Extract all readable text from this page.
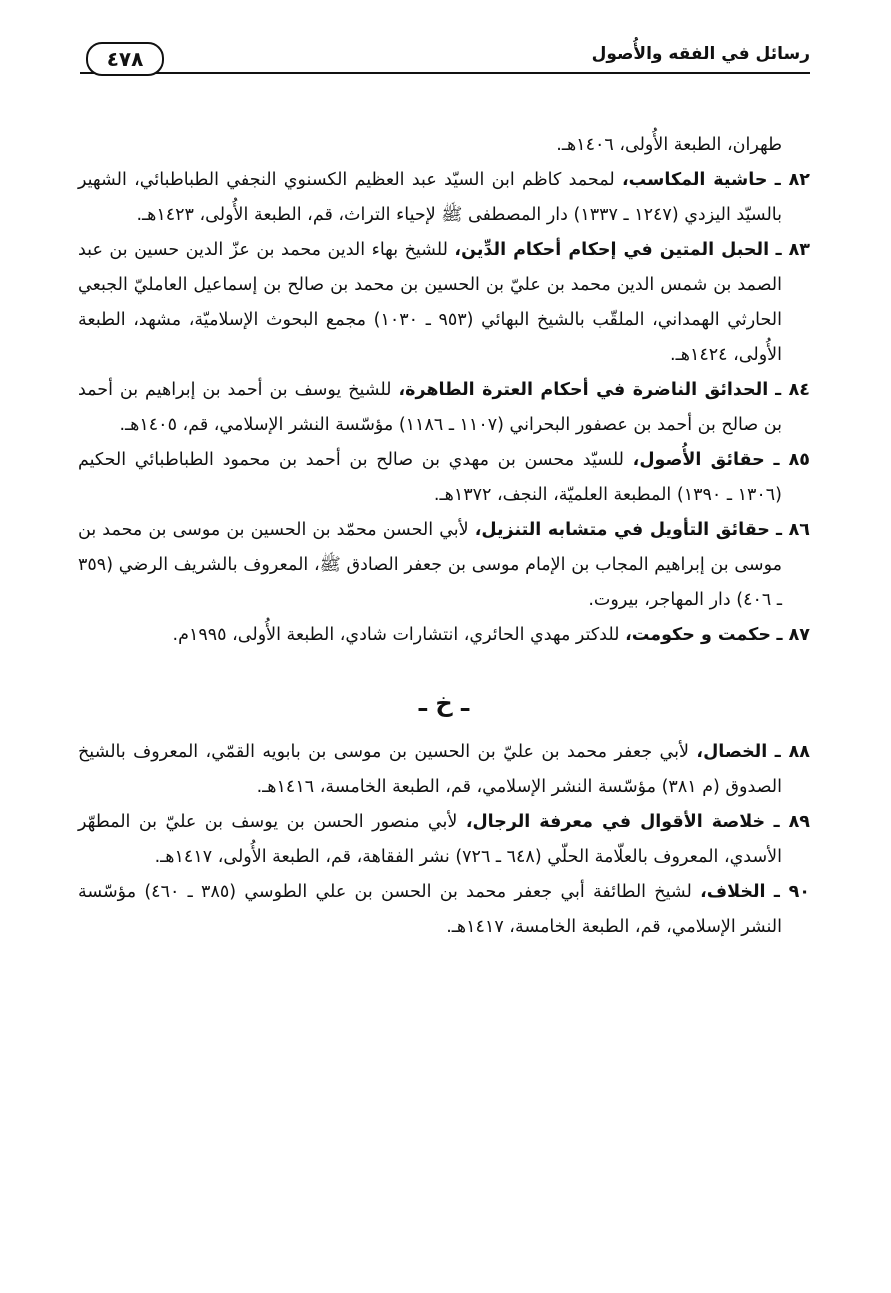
رسائل في الفقه والأُصول
٤٧٨

طهران، الطبعة الأُولى، ١٤٠٦هـ.

٨٢ ـ حاشية المكاسب، لمحمد كاظم ابن السيّد عبد العظيم الكسنوي النجفي الطباطبائي، الشهير بالسيّد اليزدي (١٢٤٧ ـ ١٣٣٧) دار المصطفى ﷺ لإحياء التراث، قم، الطبعة الأُولى، ١٤٢٣هـ.

٨٣ ـ الحبل المتين في إحكام أحكام الدِّين، للشيخ بهاء الدين محمد بن عزّ الدين حسين بن عبد الصمد بن شمس الدين محمد بن عليّ بن الحسين بن محمد بن صالح بن إسماعيل العامليّ الجبعي الحارثي الهمداني، الملقّب بالشيخ البهائي (٩٥٣ ـ ١٠٣٠) مجمع البحوث الإسلاميّة، مشهد، الطبعة الأُولى، ١٤٢٤هـ.

٨٤ ـ الحدائق الناضرة في أحكام العترة الطاهرة، للشيخ يوسف بن أحمد بن إبراهيم بن أحمد بن صالح بن أحمد بن عصفور البحراني (١١٠٧ ـ ١١٨٦) مؤسّسة النشر الإسلامي، قم، ١٤٠٥هـ.

٨٥ ـ حقائق الأُصول، للسيّد محسن بن مهدي بن صالح بن أحمد بن محمود الطباطبائي الحكيم (١٣٠٦ ـ ١٣٩٠) المطبعة العلميّة، النجف، ١٣٧٢هـ.

٨٦ ـ حقائق التأويل في متشابه التنزيل، لأبي الحسن محمّد بن الحسين بن موسى بن محمد بن موسى بن إبراهيم المجاب بن الإمام موسى بن جعفر الصادق ﷺ، المعروف بالشريف الرضي (٣٥٩ ـ ٤٠٦) دار المهاجر، بيروت.

٨٧ ـ حكمت و حكومت، للدكتر مهدي الحائري، انتشارات شادي، الطبعة الأُولى، ١٩٩٥م.

ـ خ ـ

٨٨ ـ الخصال، لأبي جعفر محمد بن عليّ بن الحسين بن موسى بن بابويه القمّي، المعروف بالشيخ الصدوق (م ٣٨١) مؤسّسة النشر الإسلامي، قم، الطبعة الخامسة، ١٤١٦هـ.

٨٩ ـ خلاصة الأقوال في معرفة الرجال، لأبي منصور الحسن بن يوسف بن عليّ بن المطهّر الأسدي، المعروف بالعلّامة الحلّي (٦٤٨ ـ ٧٢٦) نشر الفقاهة، قم، الطبعة الأُولى، ١٤١٧هـ.

٩٠ ـ الخلاف، لشيخ الطائفة أبي جعفر محمد بن الحسن بن علي الطوسي (٣٨٥ ـ ٤٦٠) مؤسّسة النشر الإسلامي، قم، الطبعة الخامسة، ١٤١٧هـ.
